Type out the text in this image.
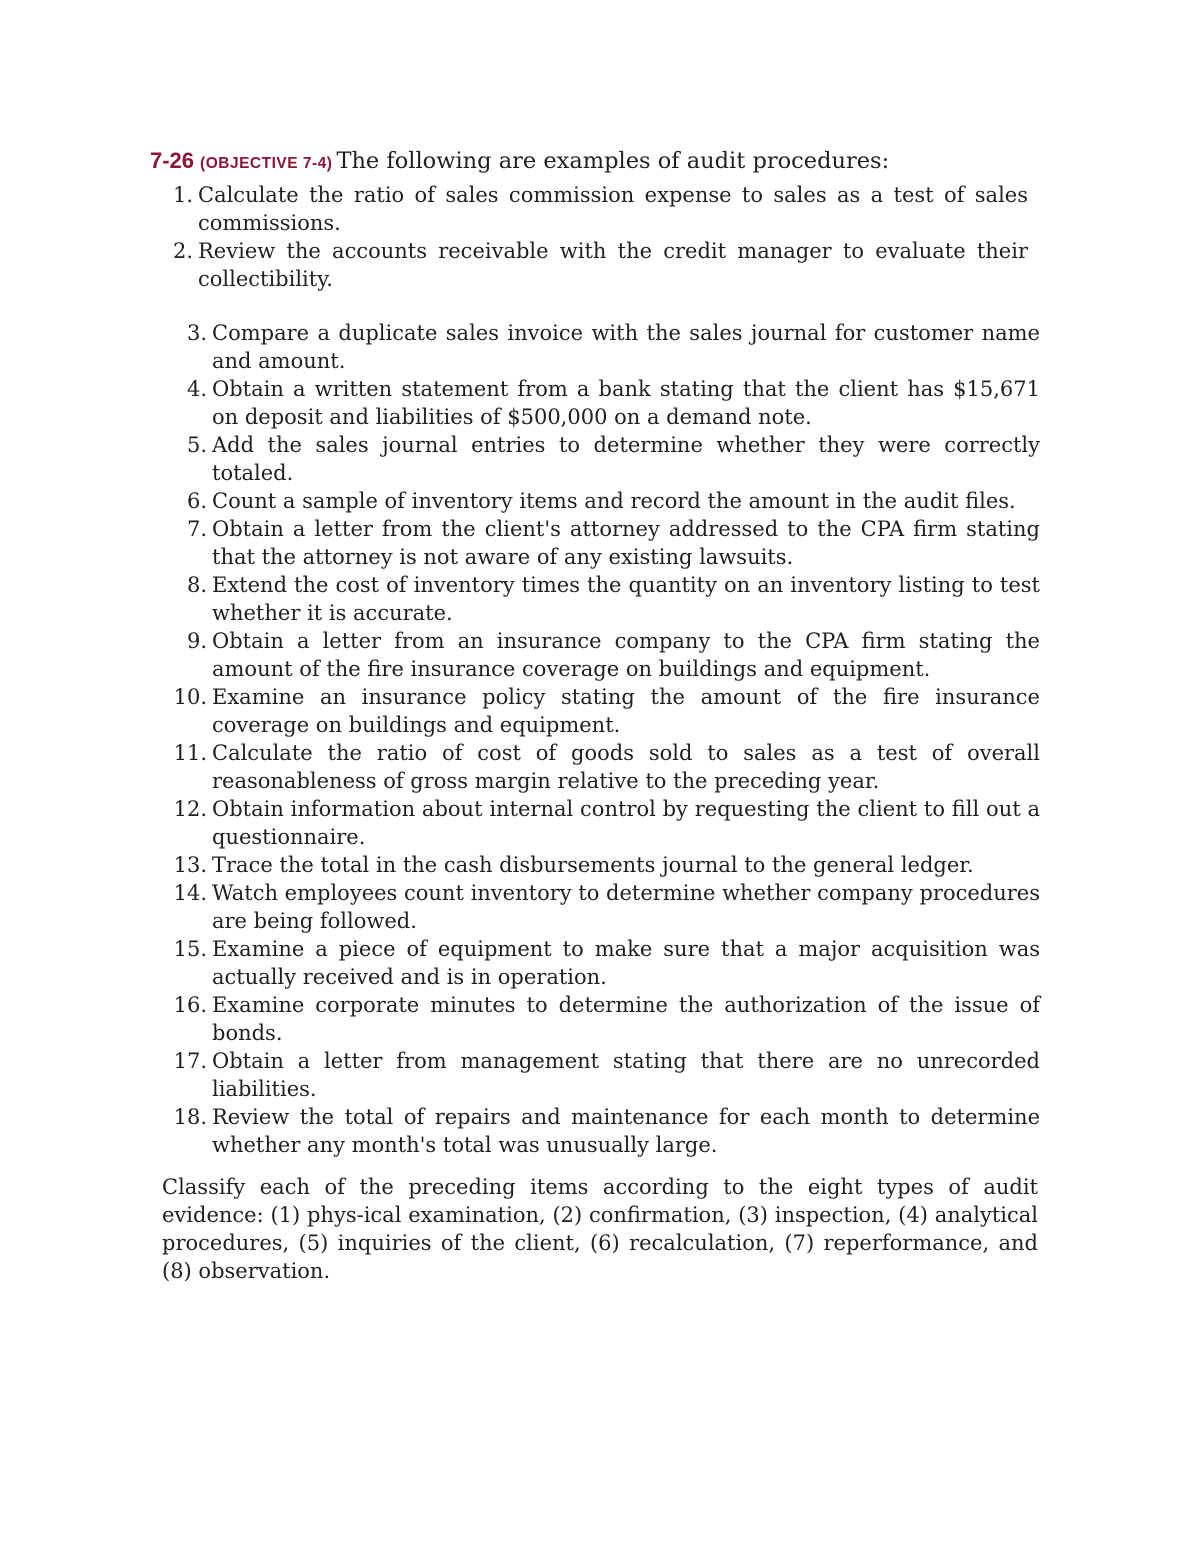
7-26 (OBJECTIVE 7-4) The following are examples of audit procedures:
1. Calculate the ratio of sales commission expense to sales as a test of sales commissions.
2. Review the accounts receivable with the credit manager to evaluate their collectibility.
3. Compare a duplicate sales invoice with the sales journal for customer name and amount.
4. Obtain a written statement from a bank stating that the client has $15,671 on deposit and liabilities of $500,000 on a demand note.
5. Add the sales journal entries to determine whether they were correctly totaled.
6. Count a sample of inventory items and record the amount in the audit files.
7. Obtain a letter from the client's attorney addressed to the CPA firm stating that the attorney is not aware of any existing lawsuits.
8. Extend the cost of inventory times the quantity on an inventory listing to test whether it is accurate.
9. Obtain a letter from an insurance company to the CPA firm stating the amount of the fire insurance coverage on buildings and equipment.
10. Examine an insurance policy stating the amount of the fire insurance coverage on buildings and equipment.
11. Calculate the ratio of cost of goods sold to sales as a test of overall reasonableness of gross margin relative to the preceding year.
12. Obtain information about internal control by requesting the client to fill out a questionnaire.
13. Trace the total in the cash disbursements journal to the general ledger.
14. Watch employees count inventory to determine whether company procedures are being followed.
15. Examine a piece of equipment to make sure that a major acquisition was actually received and is in operation.
16. Examine corporate minutes to determine the authorization of the issue of bonds.
17. Obtain a letter from management stating that there are no unrecorded liabilities.
18. Review the total of repairs and maintenance for each month to determine whether any month's total was unusually large.

Classify each of the preceding items according to the eight types of audit evidence: (1) phys-ical examination, (2) confirmation, (3) inspection, (4) analytical procedures, (5) inquiries of the client, (6) recalculation, (7) reperformance, and (8) observation.
